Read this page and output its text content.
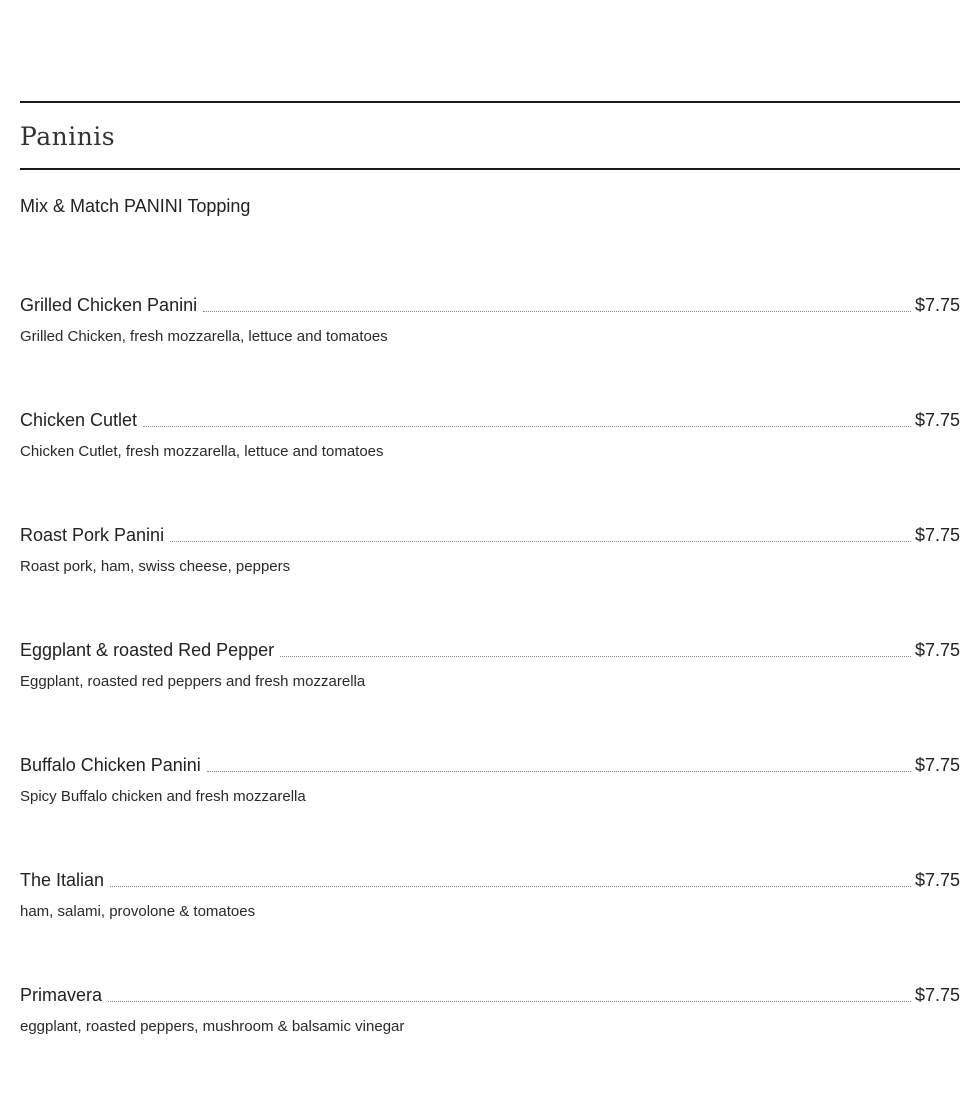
Paninis
Mix & Match PANINI Topping
Grilled Chicken Panini	$7.75
Grilled Chicken, fresh mozzarella, lettuce and tomatoes
Chicken Cutlet	$7.75
Chicken Cutlet, fresh mozzarella, lettuce and tomatoes
Roast Pork Panini	$7.75
Roast pork, ham, swiss cheese, peppers
Eggplant & roasted Red Pepper	$7.75
Eggplant, roasted red peppers and fresh mozzarella
Buffalo Chicken Panini	$7.75
Spicy Buffalo chicken and fresh mozzarella
The Italian	$7.75
ham, salami, provolone & tomatoes
Primavera	$7.75
eggplant, roasted peppers, mushroom & balsamic vinegar
